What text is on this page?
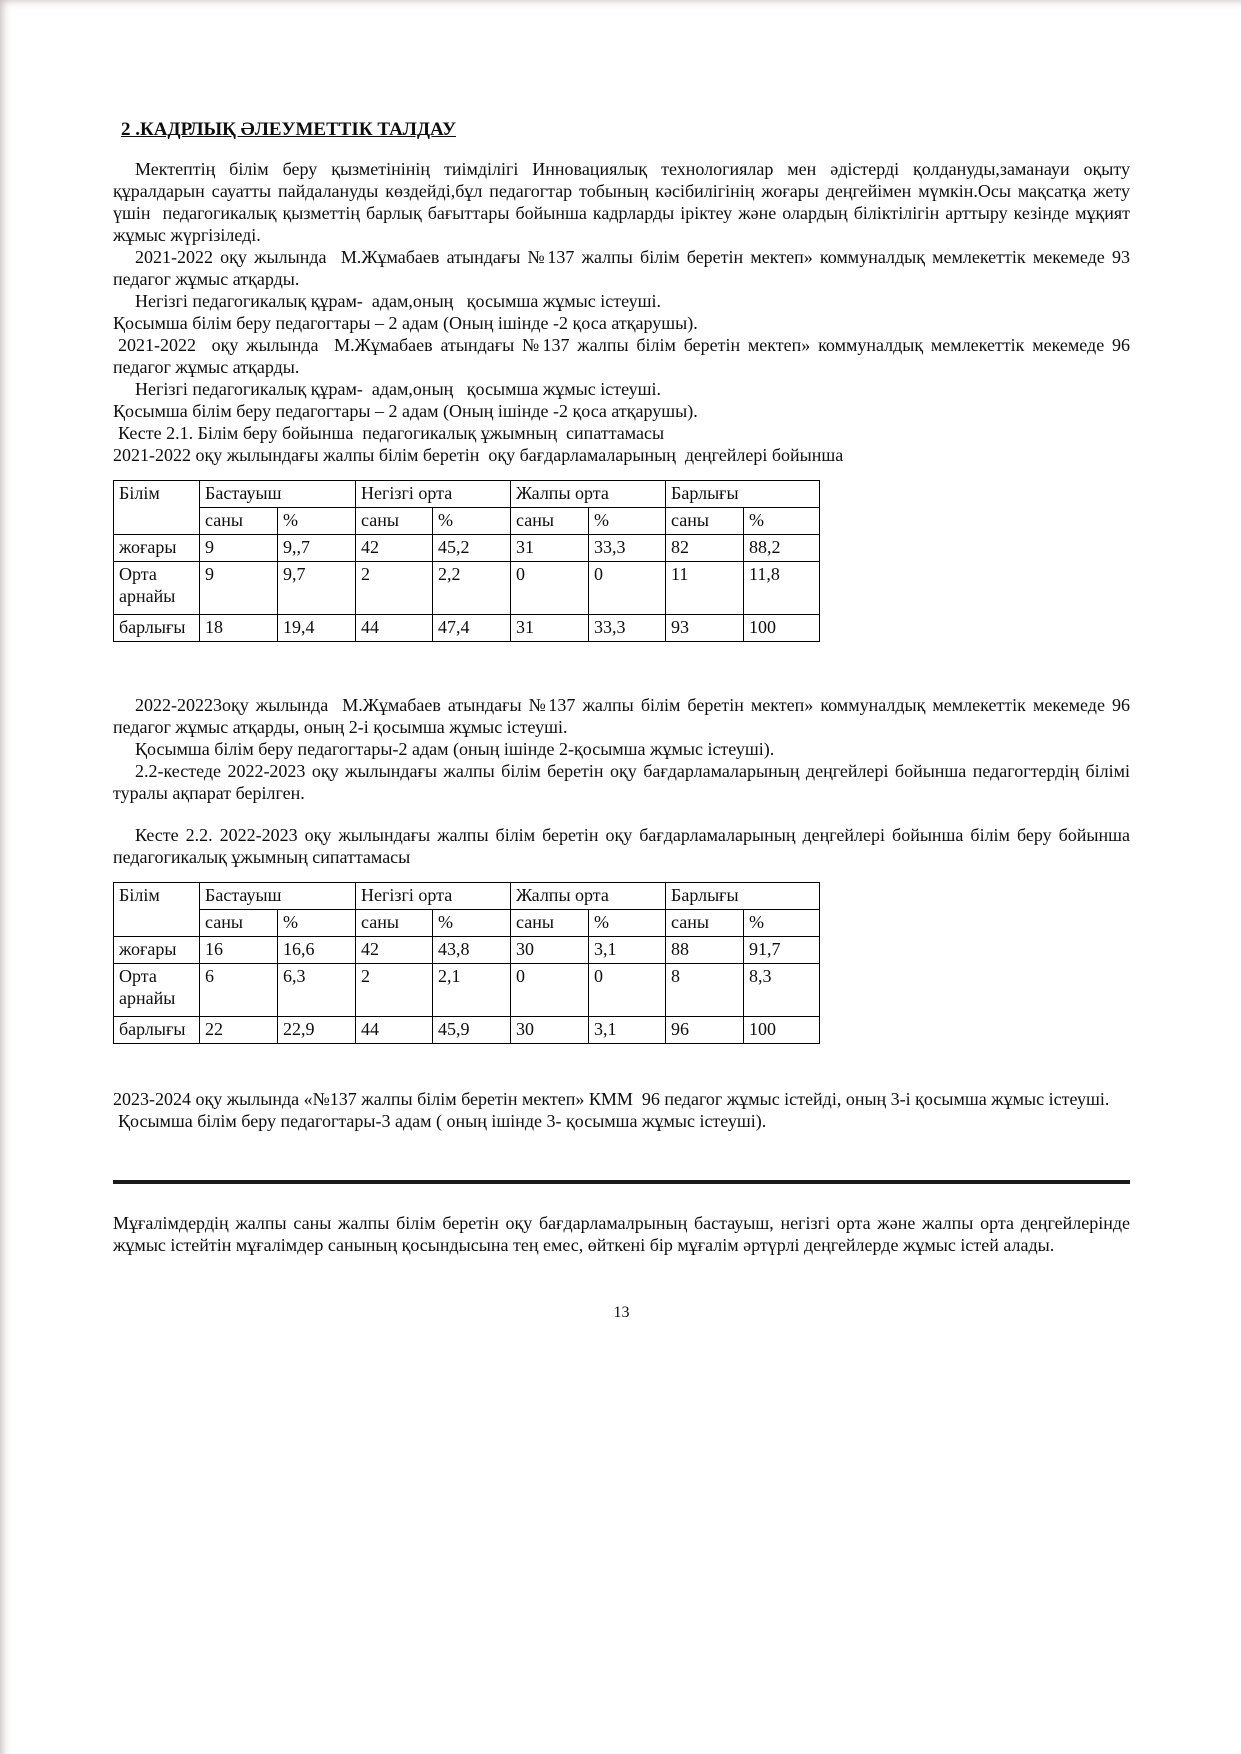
2 .КАДРЛЫҚ ӘЛЕУМЕТТІК ТАЛДАУ

Мектептің білім беру қызметінінің тиімділігі Инновациялық технологиялар мен әдістерді қолдануды,заманауи оқыту құралдарын сауатты пайдалануды көздейді,бұл педагогтар тобының кәсібилігінің жоғары деңгейімен мүмкін.Осы мақсатқа жету үшін  педагогикалық қызметтің барлық бағыттары бойынша кадрларды іріктеу және олардың біліктілігін арттыру кезінде мұқият жұмыс жүргізіледі.

2021-2022 оқу жылында  М.Жұмабаев атындағы №137 жалпы білім беретін мектеп» коммуналдық мемлекеттік мекемеде 93  педагог жұмыс атқарды.

Негізгі педагогикалық құрам-  адам,оның   қосымша жұмыс істеуші.

Қосымша білім беру педагогтары – 2 адам (Оның ішінде -2 қоса атқарушы).

2021-2022  оқу жылында  М.Жұмабаев атындағы №137 жалпы білім беретін мектеп» коммуналдық мемлекеттік мекемеде 96 педагог жұмыс атқарды.

Негізгі педагогикалық құрам-  адам,оның   қосымша жұмыс істеуші.

Қосымша білім беру педагогтары – 2 адам (Оның ішінде -2 қоса атқарушы).

Кесте 2.1. Білім беру бойынша  педагогикалық ұжымның  сипаттамасы

2021-2022 оқу жылындағы жалпы білім беретін  оқу бағдарламаларының  деңгейлері бойынша

Білім	Бастауыш		Негізгі орта		Жалпы орта		Барлығы	
	саны	%	саны	%	саны	%	саны	%
жоғары	9	9,,7	42	45,2	31	33,3	82	88,2
Орта арнайы	9	9,7	2	2,2	0	0	11	11,8
барлығы	18	19,4	44	47,4	31	33,3	93	100

2022-20223оқу жылында  М.Жұмабаев атындағы №137 жалпы білім беретін мектеп» коммуналдық мемлекеттік мекемеде 96  педагог жұмыс атқарды, оның 2-і қосымша жұмыс істеуші.

Қосымша білім беру педагогтары-2 адам (оның ішінде 2-қосымша жұмыс істеуші).

2.2-кестеде 2022-2023 оқу жылындағы жалпы білім беретін оқу бағдарламаларының деңгейлері бойынша педагогтердің білімі туралы ақпарат берілген.

Кесте 2.2. 2022-2023 оқу жылындағы жалпы білім беретін оқу бағдарламаларының деңгейлері бойынша білім беру бойынша педагогикалық ұжымның сипаттамасы

Білім	Бастауыш		Негізгі орта		Жалпы орта		Барлығы	
	саны	%	саны	%	саны	%	саны	%
жоғары	16	16,6	42	43,8	30	3,1	88	91,7
Орта арнайы	6	6,3	2	2,1	0	0	8	8,3
барлығы	22	22,9	44	45,9	30	3,1	96	100

2023-2024 оқу жылында «№137 жалпы білім беретін мектеп» КММ  96 педагог жұмыс істейді, оның 3-і қосымша жұмыс істеуші.

Қосымша білім беру педагогтары-3 адам ( оның ішінде 3- қосымша жұмыс істеуші).

Мұғалімдердің жалпы саны жалпы білім беретін оқу бағдарламалрының бастауыш, негізгі орта және жалпы орта деңгейлерінде жұмыс істейтін мұғалімдер санының қосындысына тең емес, өйткені бір мұғалім әртүрлі деңгейлерде жұмыс істей алады.

13
